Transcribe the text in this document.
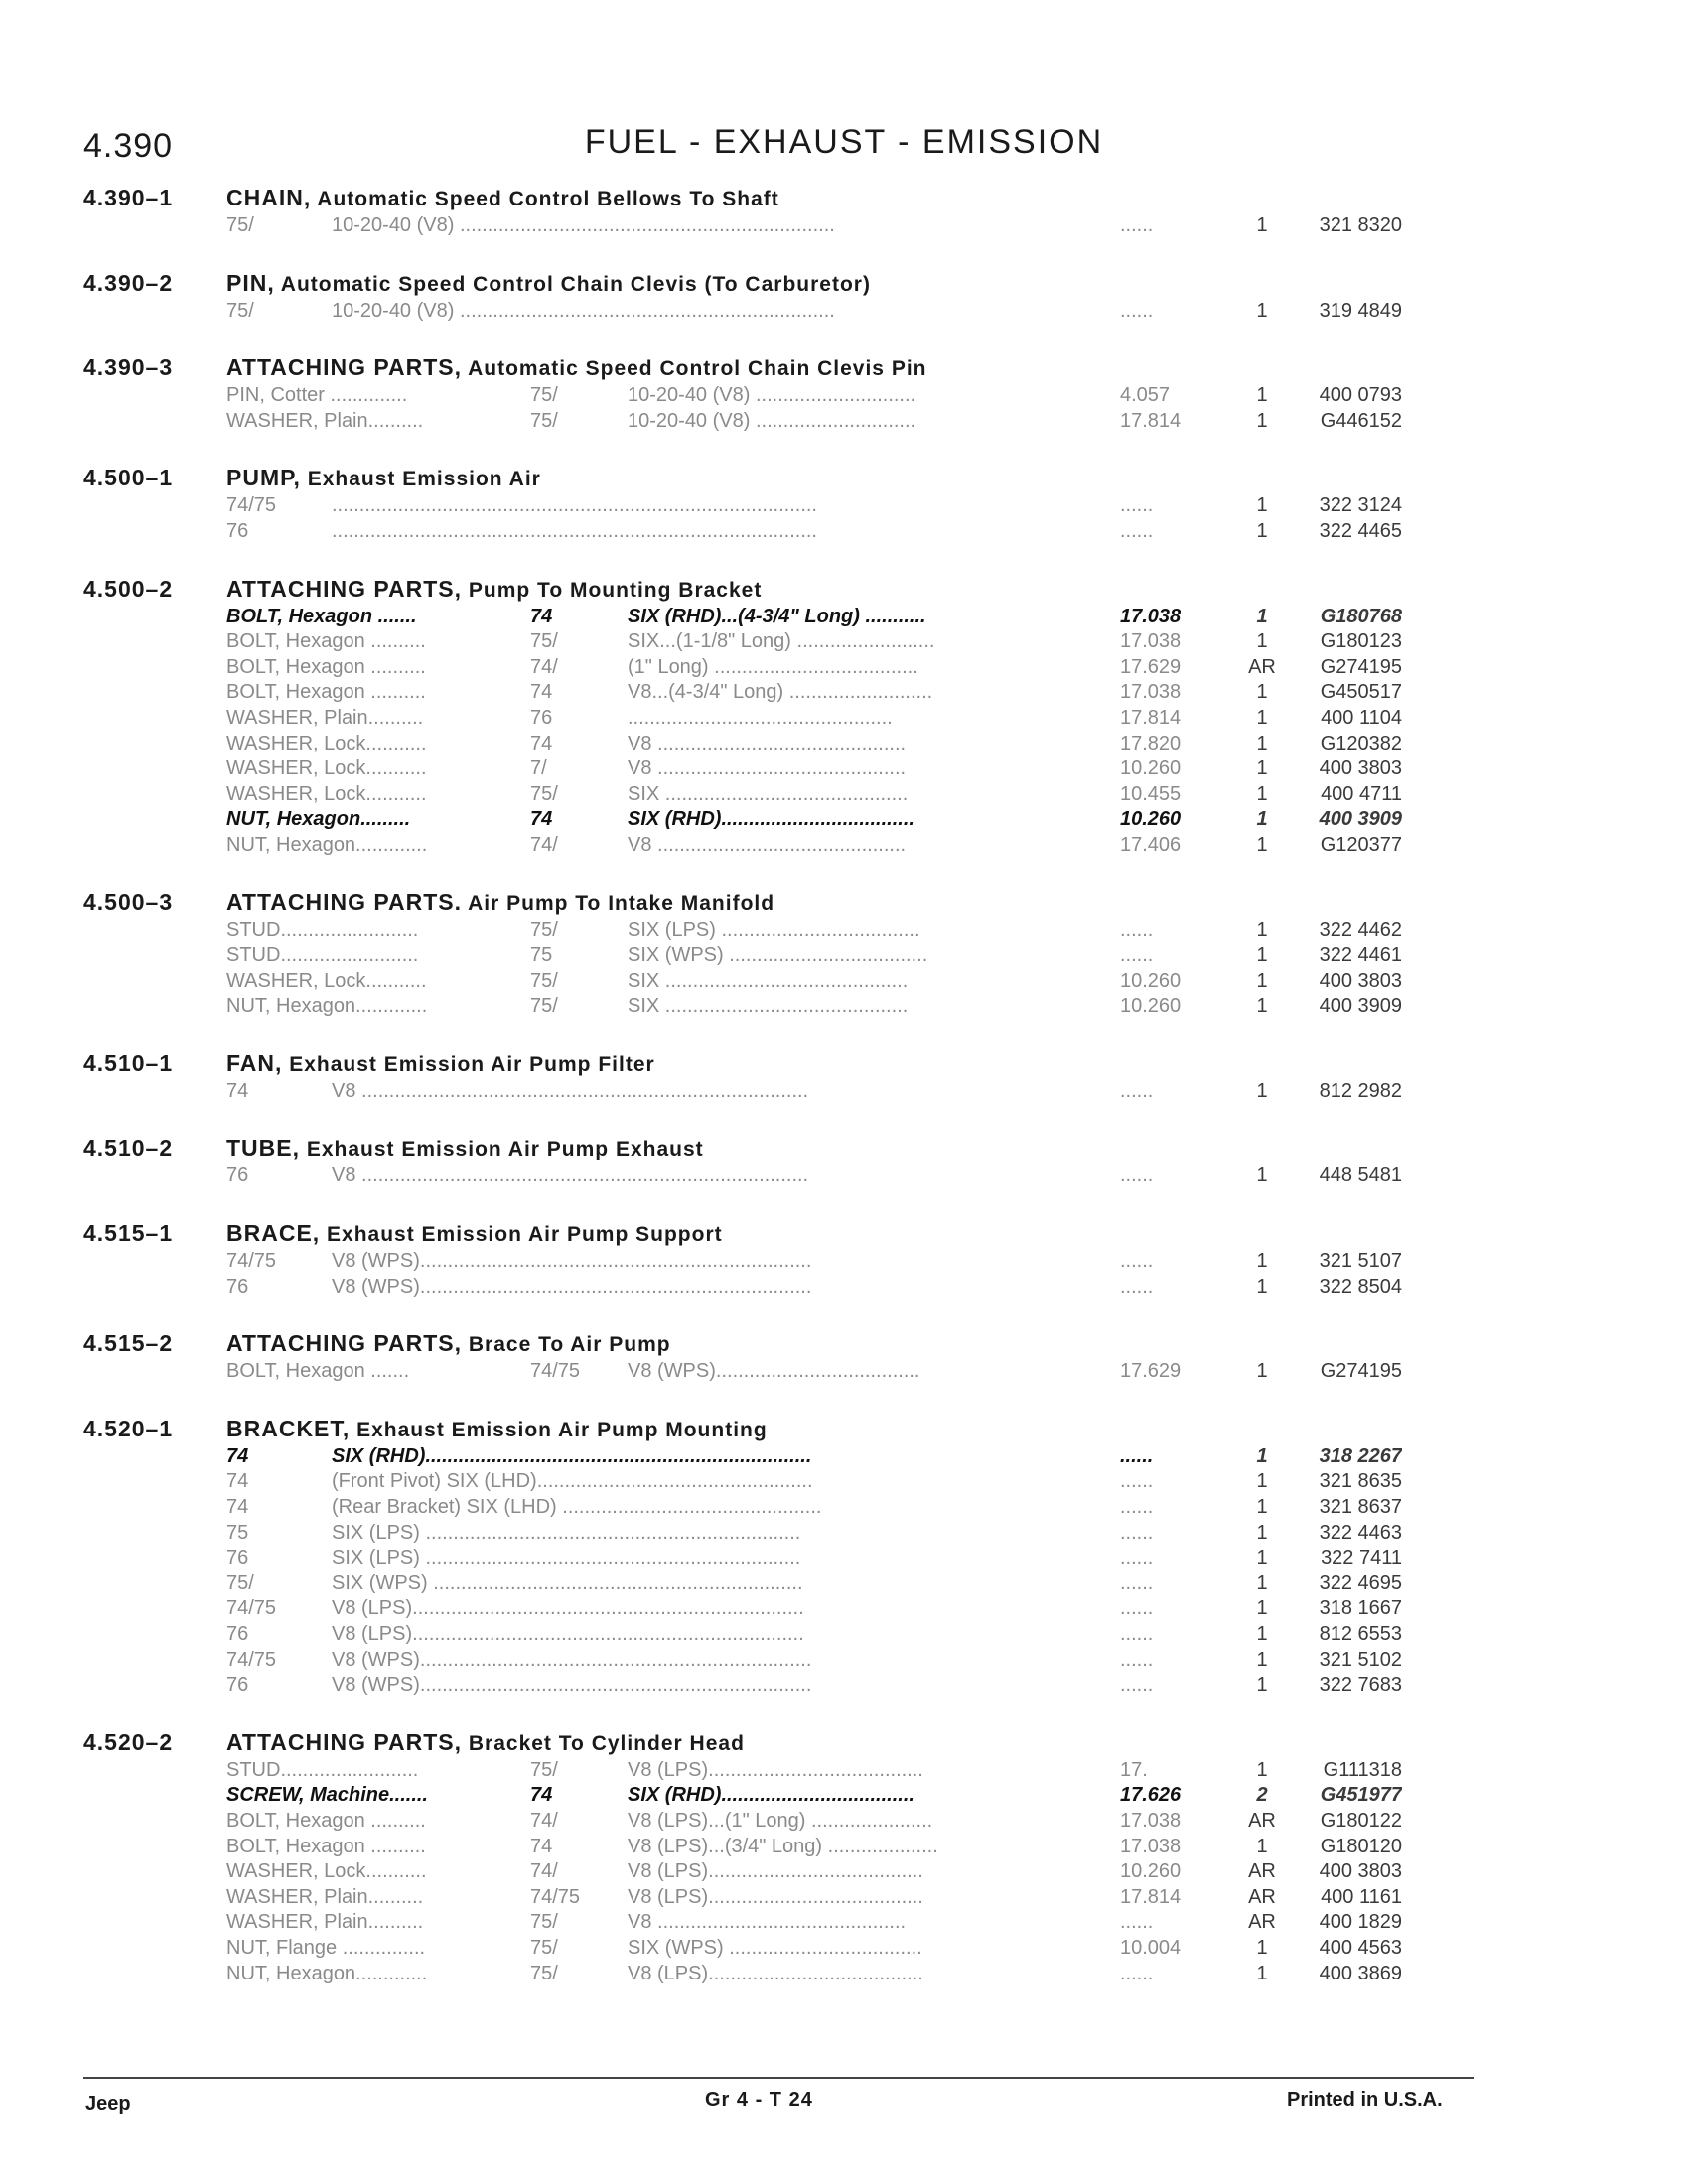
4.390	FUEL - EXHAUST - EMISSION
4.390–1 CHAIN, Automatic Speed Control Bellows To Shaft
75/	10-20-40 (V8) ....................................................................	......	1	321 8320
4.390–2 PIN, Automatic Speed Control Chain Clevis (To Carburetor)
75/	10-20-40 (V8) ....................................................................	......	1	319 4849
4.390–3 ATTACHING PARTS, Automatic Speed Control Chain Clevis Pin
PIN, Cotter ..............	75/	10-20-40 (V8) .............................	4.057	1	400 0793
WASHER, Plain..........	75/	10-20-40 (V8) .............................	17.814	1	G446152
4.500–1 PUMP, Exhaust Emission Air
74/75	........................................................................................	......	1	322 3124
76	........................................................................................	......	1	322 4465
4.500–2 ATTACHING PARTS, Pump To Mounting Bracket
BOLT, Hexagon .......	74	SIX (RHD)...(4-3/4" Long) ...........	17.038	1	G180768
BOLT, Hexagon ..........	75/	SIX...(1-1/8" Long) .........................	17.038	1	G180123
BOLT, Hexagon ..........	74/	(1" Long) .....................................	17.629	AR	G274195
BOLT, Hexagon ..........	74	V8...(4-3/4" Long) ..........................	17.038	1	G450517
WASHER, Plain..........	76	................................................	17.814	1	400 1104
WASHER, Lock...........	74	V8 .............................................	17.820	1	G120382
WASHER, Lock...........	7/	V8 .............................................	10.260	1	400 3803
WASHER, Lock...........	75/	SIX ............................................	10.455	1	400 4711
NUT, Hexagon.........	74	SIX (RHD)...................................	10.260	1	400 3909
NUT, Hexagon.............	74/	V8 .............................................	17.406	1	G120377
4.500–3 ATTACHING PARTS. Air Pump To Intake Manifold
STUD.........................	75/	SIX (LPS) ....................................	......	1	322 4462
STUD.........................	75	SIX (WPS) ....................................	......	1	322 4461
WASHER, Lock...........	75/	SIX ............................................	10.260	1	400 3803
NUT, Hexagon.............	75/	SIX ............................................	10.260	1	400 3909
4.510–1 FAN, Exhaust Emission Air Pump Filter
74	V8 .................................................................................	......	1	812 2982
4.510–2 TUBE, Exhaust Emission Air Pump Exhaust
76	V8 .................................................................................	......	1	448 5481
4.515–1 BRACE, Exhaust Emission Air Pump Support
74/75	V8 (WPS).......................................................................	......	1	321 5107
76	V8 (WPS).......................................................................	......	1	322 8504
4.515–2 ATTACHING PARTS, Brace To Air Pump
BOLT, Hexagon .......	74/75	V8 (WPS).....................................	17.629	1	G274195
4.520–1 BRACKET, Exhaust Emission Air Pump Mounting
74	SIX (RHD)......................................................................	......	1	318 2267
74	(Front Pivot) SIX (LHD)..................................................	......	1	321 8635
74	(Rear Bracket) SIX (LHD) ...............................................	......	1	321 8637
75	SIX (LPS) ....................................................................	......	1	322 4463
76	SIX (LPS) ....................................................................	......	1	322 7411
75/	SIX (WPS) ...................................................................	......	1	322 4695
74/75	V8 (LPS).......................................................................	......	1	318 1667
76	V8 (LPS).......................................................................	......	1	812 6553
74/75	V8 (WPS).......................................................................	......	1	321 5102
76	V8 (WPS).......................................................................	......	1	322 7683
4.520–2 ATTACHING PARTS, Bracket To Cylinder Head
STUD.........................	75/	V8 (LPS).......................................	17.	1	G111318
SCREW, Machine.......	74	SIX (RHD)...................................	17.626	2	G451977
BOLT, Hexagon ..........	74/	V8 (LPS)...(1" Long) ......................	17.038	AR	G180122
BOLT, Hexagon ..........	74	V8 (LPS)...(3/4" Long) ....................	17.038	1	G180120
WASHER, Lock...........	74/	V8 (LPS).......................................	10.260	AR	400 3803
WASHER, Plain..........	74/75	V8 (LPS).......................................	17.814	AR	400 1161
WASHER, Plain..........	75/	V8 .............................................	......	AR	400 1829
NUT, Flange ...............	75/	SIX (WPS) ...................................	10.004	1	400 4563
NUT, Hexagon.............	75/	V8 (LPS).......................................	......	1	400 3869
Jeep	Gr 4 - T 24	Printed in U.S.A.
